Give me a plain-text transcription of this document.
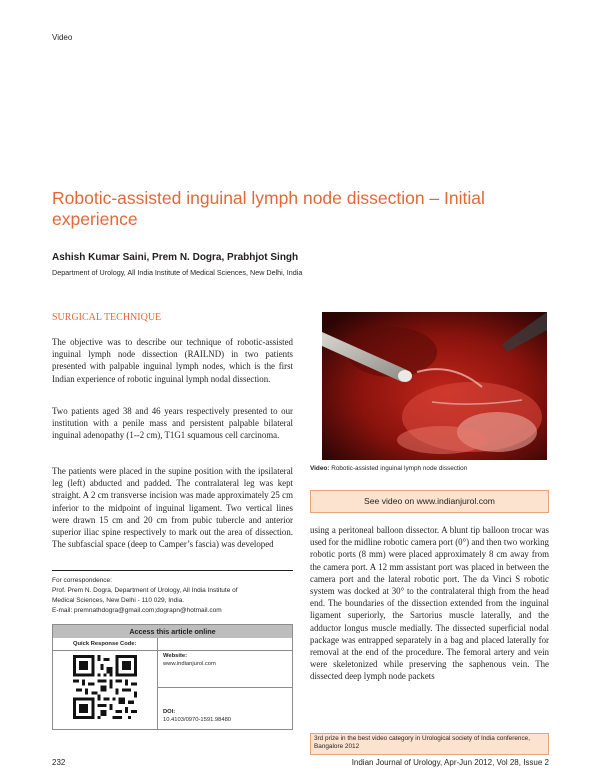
Video
Robotic-assisted inguinal lymph node dissection – Initial experience
Ashish Kumar Saini, Prem N. Dogra, Prabhjot Singh
Department of Urology, All India Institute of Medical Sciences, New Delhi, India
SURGICAL TECHNIQUE

The objective was to describe our technique of robotic-assisted inguinal lymph node dissection (RAILND) in two patients presented with palpable inguinal lymph nodes, which is the first Indian experience of robotic inguinal lymph nodal dissection.

Two patients aged 38 and 46 years respectively presented to our institution with a penile mass and persistent palpable bilateral inguinal adenopathy (1--2 cm), T1G1 squamous cell carcinoma.

The patients were placed in the supine position with the ipsilateral leg (left) abducted and padded. The contralateral leg was kept straight. A 2 cm transverse incision was made approximately 25 cm inferior to the midpoint of inguinal ligament. Two vertical lines were drawn 15 cm and 20 cm from pubic tubercle and anterior superior iliac spine respectively to mark out the area of dissection. The subfascial space (deep to Camper’s fascia) was developed

using a peritoneal balloon dissector. A blunt tip balloon trocar was used for the midline robotic camera port (0°) and then two working robotic ports (8 mm) were placed approximately 8 cm away from the camera port. A 12 mm assistant port was placed in between the camera port and the lateral robotic port. The da Vinci S robotic system was docked at 30° to the contralateral thigh from the head end. The boundaries of the dissection extended from the inguinal ligament superiorly, the Sartorius muscle laterally, and the adductor longus muscle medially. The dissected superficial nodal package was entrapped separately in a bag and placed laterally for removal at the end of the procedure. The femoral artery and vein were skeletonized while preserving the saphenous vein. The dissected deep lymph node packets

Video: Robotic-assisted inguinal lymph node dissection
See video on www.indianjurol.com
For correspondence:
Prof. Prem N. Dogra, Department of Urology, All India Institute of
Medical Sciences, New Delhi - 110 029, India.
E-mail: premnathdogra@gmail.com;dograpn@hotmail.com
Access this article online
Quick Response Code:
Website:
www.indianjurol.com
DOI:
10.4103/0970-1591.98480
3rd prize in the best video category in Urological society of India conference, Bangalore 2012
232	Indian Journal of Urology, Apr-Jun 2012, Vol 28, Issue 2
